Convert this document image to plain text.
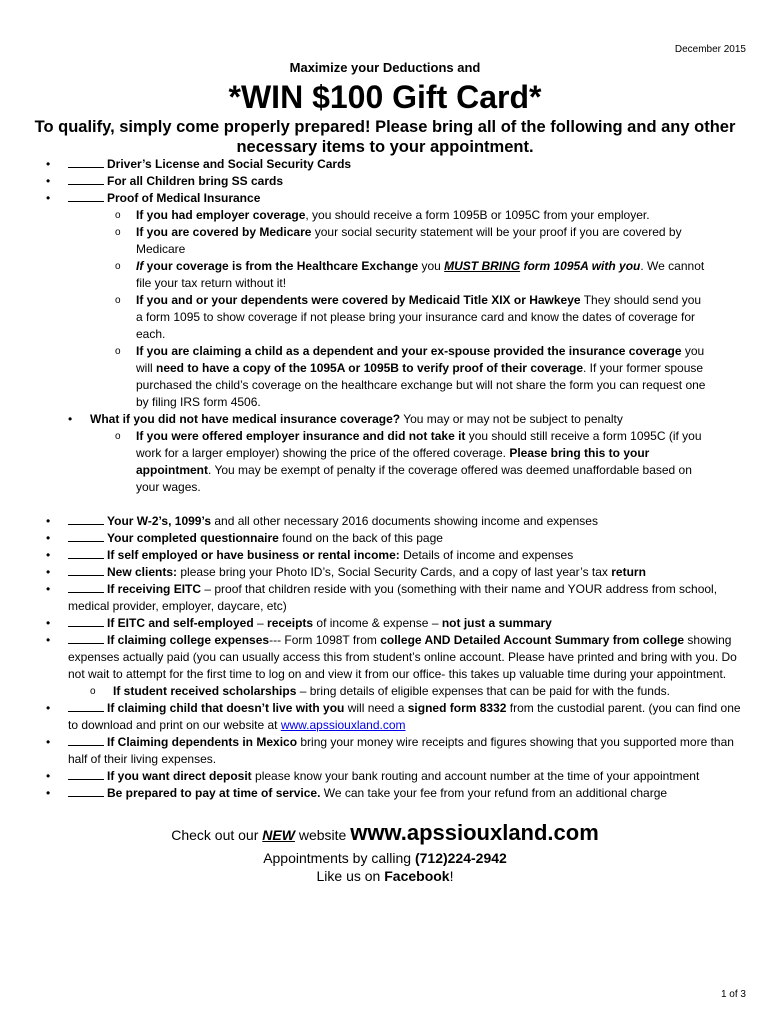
December 2015
Maximize your Deductions and
*WIN $100 Gift Card*
To qualify, simply come properly prepared! Please bring all of the following and any other necessary items to your appointment.
•	Driver’s License and Social Security Cards
•	For all Children bring SS cards
•	Proof of Medical Insurance
o If you had employer coverage, you should receive a form 1095B or 1095C from your employer.
o If you are covered by Medicare your social security statement will be your proof if you are covered by Medicare
o If your coverage is from the Healthcare Exchange you MUST BRING form 1095A with you. We cannot file your tax return without it!
o If you and or your dependents were covered by Medicaid Title XIX or Hawkeye They should send you a form 1095 to show coverage if not please bring your insurance card and know the dates of coverage for each.
o If you are claiming a child as a dependent and your ex-spouse provided the insurance coverage you will need to have a copy of the 1095A or 1095B to verify proof of their coverage. If your former spouse purchased the child’s coverage on the healthcare exchange but will not share the form you can request one by filing IRS form 4506.
• What if you did not have medical insurance coverage? You may or may not be subject to penalty
o If you were offered employer insurance and did not take it you should still receive a form 1095C (if you work for a larger employer) showing the price of the offered coverage. Please bring this to your appointment. You may be exempt of penalty if the coverage offered was deemed unaffordable based on your wages.
•	Your W-2’s, 1099’s and all other necessary 2016 documents showing income and expenses
•	Your completed questionnaire found on the back of this page
•	If self employed or have business or rental income: Details of income and expenses
•	New clients: please bring your Photo ID’s, Social Security Cards, and a copy of last year’s tax return
•	If receiving EITC – proof that children reside with you (something with their name and YOUR address from school, medical provider, employer, daycare, etc)
•	If EITC and self-employed – receipts of income & expense – not just a summary
•	If claiming college expenses--- Form 1098T from college AND Detailed Account Summary from college showing expenses actually paid (you can usually access this from student’s online account. Please have printed and bring with you. Do not wait to attempt for the first time to log on and view it from our office- this takes up valuable time during your appointment.
o If student received scholarships – bring details of eligible expenses that can be paid for with the funds.
•	If claiming child that doesn’t live with you will need a signed form 8332 from the custodial parent. (you can find one to download and print on our website at www.apssiouxland.com
•	If Claiming dependents in Mexico bring your money wire receipts and figures showing that you supported more than half of their living expenses.
•	If you want direct deposit please know your bank routing and account number at the time of your appointment
•	Be prepared to pay at time of service. We can take your fee from your refund from an additional charge
Check out our NEW website www.apssiouxland.com
Appointments by calling (712)224-2942
Like us on Facebook!
1 of 3
